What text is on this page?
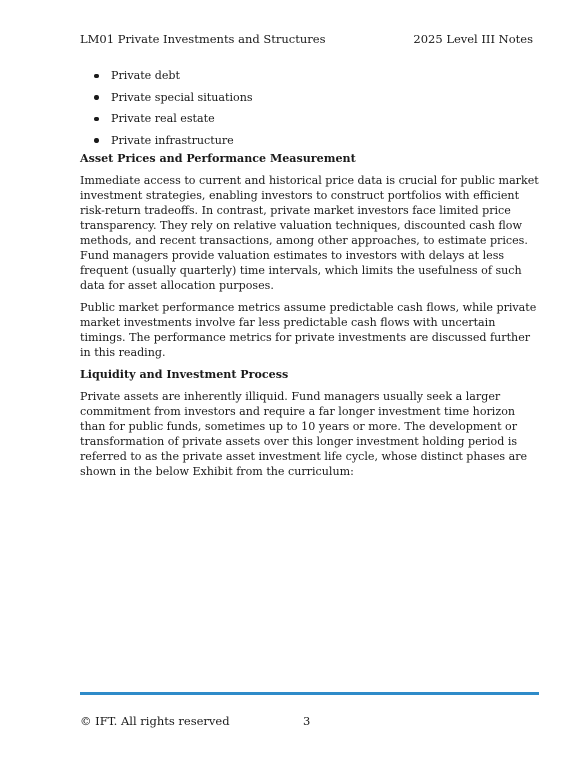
LM01 Private Investments and Structures	2025 Level III Notes
Private debt
Private special situations
Private real estate
Private infrastructure
Asset Prices and Performance Measurement

Immediate access to current and historical price data is crucial for public market investment strategies, enabling investors to construct portfolios with efficient risk-return tradeoffs. In contrast, private market investors face limited price transparency. They rely on relative valuation techniques, discounted cash flow methods, and recent transactions, among other approaches, to estimate prices. Fund managers provide valuation estimates to investors with delays at less frequent (usually quarterly) time intervals, which limits the usefulness of such data for asset allocation purposes.

Public market performance metrics assume predictable cash flows, while private market investments involve far less predictable cash flows with uncertain timings. The performance metrics for private investments are discussed further in this reading.

Liquidity and Investment Process

Private assets are inherently illiquid. Fund managers usually seek a larger commitment from investors and require a far longer investment time horizon than for public funds, sometimes up to 10 years or more. The development or transformation of private assets over this longer investment holding period is referred to as the private asset investment life cycle, whose distinct phases are shown in the below Exhibit from the curriculum:

© IFT. All rights reserved	3
